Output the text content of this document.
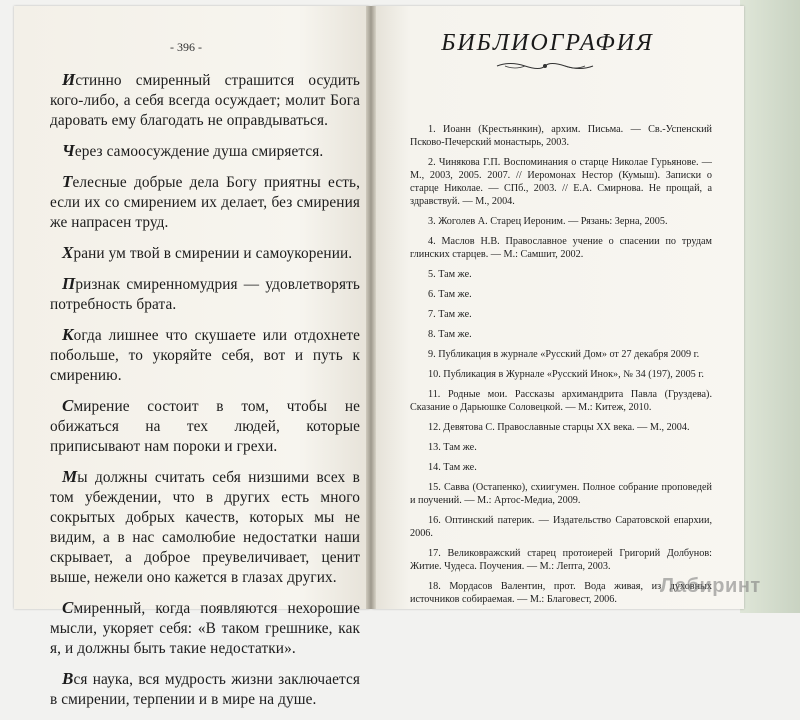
- 396 -

Истинно смиренный страшится осудить кого-либо, а себя всегда осуждает; молит Бога даровать ему благодать не оправдываться.

Через самоосуждение душа смиряется.

Телесные добрые дела Богу приятны есть, если их со смирением их делает, без смирения же напрасен труд.

Храни ум твой в смирении и самоукорении.

Признак смиренномудрия — удовлетворять потребность брата.

Когда лишнее что скушаете или отдохнете побольше, то укоряйте себя, вот и путь к смирению.

Смирение состоит в том, чтобы не обижаться на тех людей, которые приписывают нам пороки и грехи.

Мы должны считать себя низшими всех в том убеждении, что в других есть много сокрытых добрых качеств, которых мы не видим, а в нас самолюбие недостатки наши скрывает, а доброе преувеличивает, ценит выше, нежели оно кажется в глазах других.

Смиренный, когда появляются нехорошие мысли, укоряет себя: «В таком грешнике, как я, и должны быть такие недостатки».

Вся наука, вся мудрость жизни заключается в смирении, терпении и в мире на душе.

БИБЛИОГРАФИЯ

1. Иоанн (Крестьянкин), архим. Письма. — Св.-Успенский Псково-Печерский монастырь, 2003.

2. Чинякова Г.П. Воспоминания о старце Николае Гурьянове. — М., 2003, 2005. 2007. // Иеромонах Нестор (Кумыш). Записки о старце Николае. — СПб., 2003. // Е.А. Смирнова. Не прощай, а здравствуй. — М., 2004.

3. Жоголев А. Старец Иероним. — Рязань: Зерна, 2005.

4. Маслов Н.В. Православное учение о спасении по трудам глинских старцев. — М.: Самшит, 2002.

5. Там же.

6. Там же.

7. Там же.

8. Там же.

9. Публикация в журнале «Русский Дом» от 27 декабря 2009 г.

10. Публикация в Журнале «Русский Инок», № 34 (197), 2005 г.

11. Родные мои. Рассказы архимандрита Павла (Груздева). Сказание о Дарьюшке Соловецкой. — М.: Китеж, 2010.

12. Девятова С. Православные старцы XX века. — М., 2004.

13. Там же.

14. Там же.

15. Савва (Остапенко), схиигумен. Полное собрание проповедей и поучений. — М.: Артос-Медиа, 2009.

16. Оптинский патерик. — Издательство Саратовской епархии, 2006.

17. Великовражский старец протоиерей Григорий Долбунов: Житие. Чудеса. Поучения. — М.: Лепта, 2003.

18. Мордасов Валентин, прот. Вода живая, из духовных источников собираемая. — М.: Благовест, 2006.

Лабиринт
